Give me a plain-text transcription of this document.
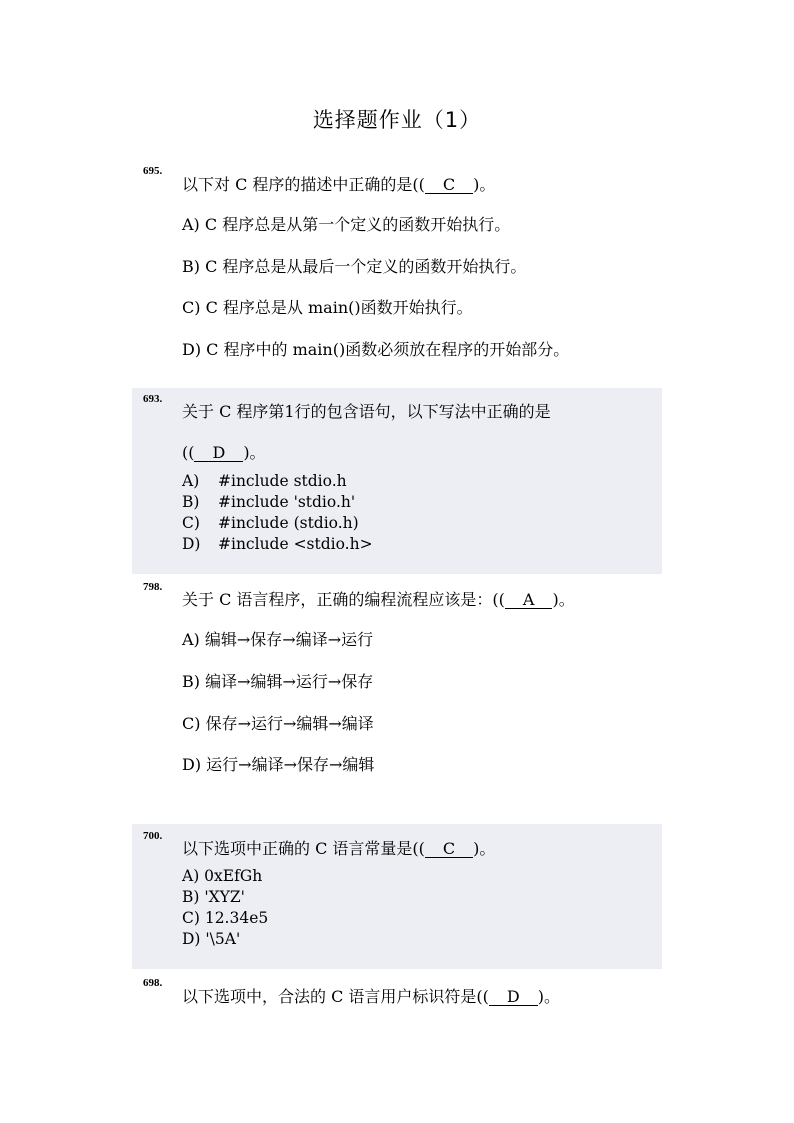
选择题作业（1）
695.
以下对 C 程序的描述中正确的是(( C )。
A) C 程序总是从第一个定义的函数开始执行。
B) C 程序总是从最后一个定义的函数开始执行。
C) C 程序总是从 main()函数开始执行。
D) C 程序中的 main()函数必须放在程序的开始部分。
693.
关于 C 程序第1行的包含语句，以下写法中正确的是
(( D )。
A) #include stdio.h
B) #include 'stdio.h'
C) #include (stdio.h)
D) #include <stdio.h>
798.
关于 C 语言程序，正确的编程流程应该是：(( A )。
A) 编辑→保存→编译→运行
B) 编译→编辑→运行→保存
C) 保存→运行→编辑→编译
D) 运行→编译→保存→编辑
700.
以下选项中正确的 C 语言常量是(( C )。
A) 0xEfGh
B) 'XYZ'
C) 12.34e5
D) '\5A'
698.
以下选项中，合法的 C 语言用户标识符是(( D )。
